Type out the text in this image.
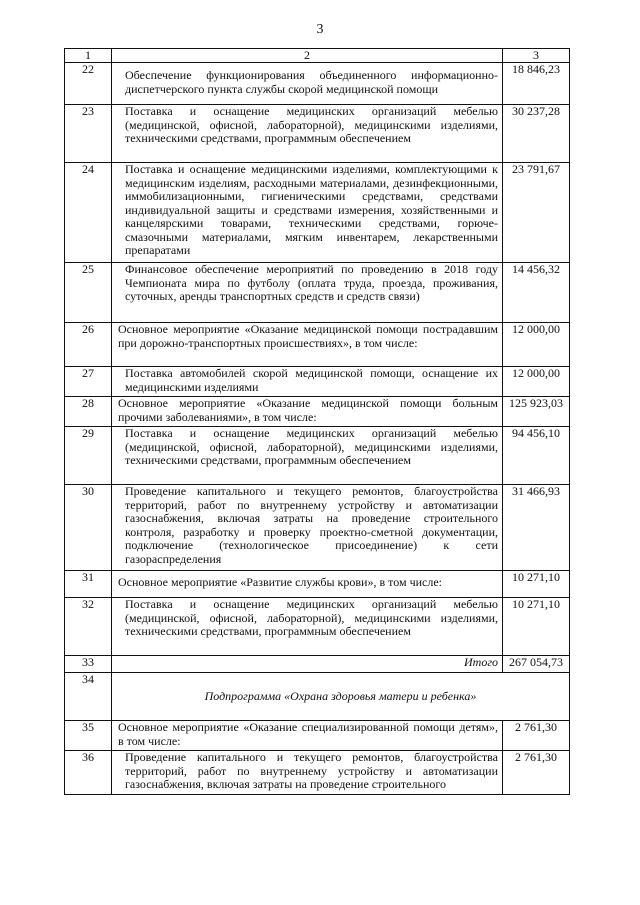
3
1	2	3
22	Обеспечение функционирования объединенного информационно-диспетчерского пункта службы скорой медицинской помощи	18 846,23
23	Поставка и оснащение медицинских организаций мебелью (медицинской, офисной, лабораторной), медицинскими изделиями, техническими средствами, программным обеспечением	30 237,28
24	Поставка и оснащение медицинскими изделиями, комплектующими к медицинским изделиям, расходными материалами, дезинфекционными, иммобилизационными, гигиеническими средствами, средствами индивидуальной защиты и средствами измерения, хозяйственными и канцелярскими товарами, техническими средствами, горюче-смазочными материалами, мягким инвентарем, лекарственными препаратами	23 791,67
25	Финансовое обеспечение мероприятий по проведению в 2018 году Чемпионата мира по футболу (оплата труда, проезда, проживания, суточных, аренды транспортных средств и средств связи)	14 456,32
26	Основное мероприятие «Оказание медицинской помощи пострадавшим при дорожно-транспортных происшествиях», в том числе:	12 000,00
27	Поставка автомобилей скорой медицинской помощи, оснащение их медицинскими изделиями	12 000,00
28	Основное мероприятие «Оказание медицинской помощи больным прочими заболеваниями», в том числе:	125 923,03
29	Поставка и оснащение медицинских организаций мебелью (медицинской, офисной, лабораторной), медицинскими изделиями, техническими средствами, программным обеспечением	94 456,10
30	Проведение капитального и текущего ремонтов, благоустройства территорий, работ по внутреннему устройству и автоматизации газоснабжения, включая затраты на проведение строительного контроля, разработку и проверку проектно-сметной документации, подключение (технологическое присоединение) к сети газораспределения	31 466,93
31	Основное мероприятие «Развитие службы крови», в том числе:	10 271,10
32	Поставка и оснащение медицинских организаций мебелью (медицинской, офисной, лабораторной), медицинскими изделиями, техническими средствами, программным обеспечением	10 271,10
33	Итого	267 054,73
34	Подпрограмма «Охрана здоровья матери и ребенка»	

35	Основное мероприятие «Оказание специализированной помощи детям», в том числе:	2 761,30
36	Проведение капитального и текущего ремонтов, благоустройства территорий, работ по внутреннему устройству и автоматизации газоснабжения, включая затраты на проведение строительного	2 761,30
